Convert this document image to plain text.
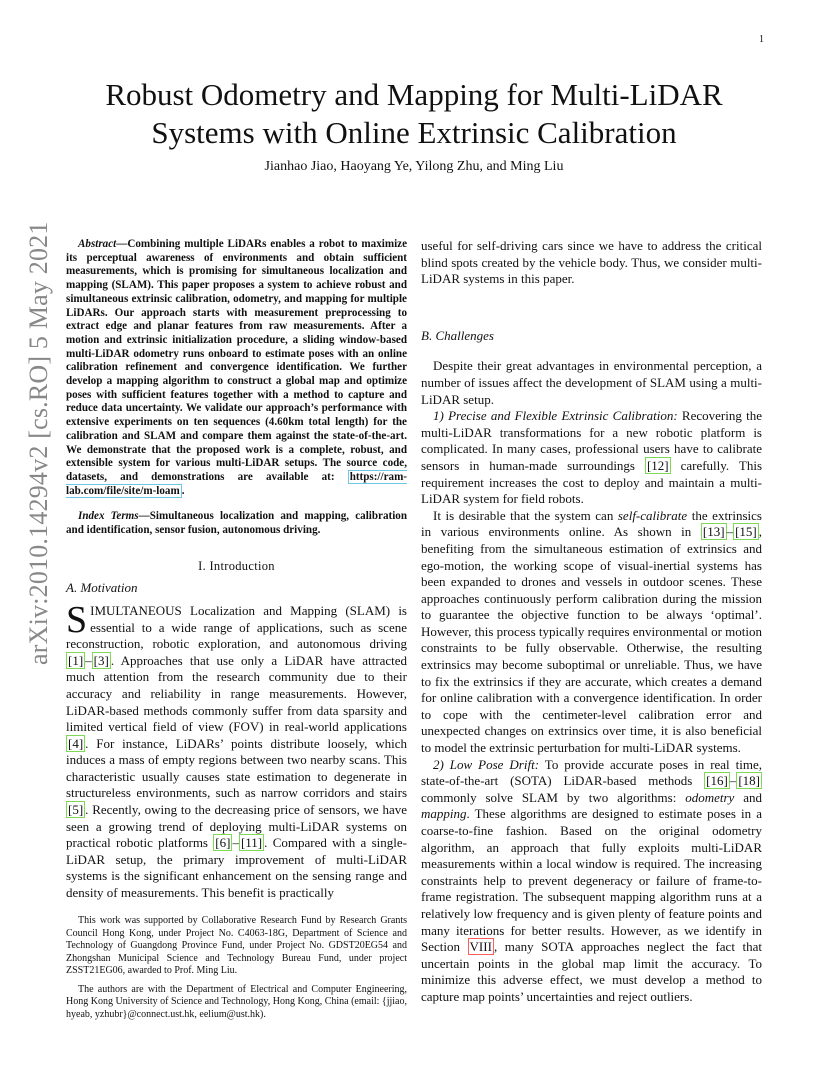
1
arXiv:2010.14294v2 [cs.RO] 5 May 2021
Robust Odometry and Mapping for Multi-LiDAR
Systems with Online Extrinsic Calibration
Jianhao Jiao, Haoyang Ye, Yilong Zhu, and Ming Liu

Abstract—Combining multiple LiDARs enables a robot to maximize its perceptual awareness of environments and obtain sufficient measurements, which is promising for simultaneous localization and mapping (SLAM). This paper proposes a system to achieve robust and simultaneous extrinsic calibration, odometry, and mapping for multiple LiDARs. Our approach starts with measurement preprocessing to extract edge and planar features from raw measurements. After a motion and extrinsic initialization procedure, a sliding window-based multi-LiDAR odometry runs onboard to estimate poses with an online calibration refinement and convergence identification. We further develop a mapping algorithm to construct a global map and optimize poses with sufficient features together with a method to capture and reduce data uncertainty. We validate our approach’s performance with extensive experiments on ten sequences (4.60km total length) for the calibration and SLAM and compare them against the state-of-the-art. We demonstrate that the proposed work is a complete, robust, and extensible system for various multi-LiDAR setups. The source code, datasets, and demonstrations are available at: https://ram-lab.com/file/site/m-loam .

Index Terms—Simultaneous localization and mapping, calibration and identification, sensor fusion, autonomous driving.

I. Introduction
A. Motivation

SIMULTANEOUS Localization and Mapping (SLAM) is essential to a wide range of applications, such as scene reconstruction, robotic exploration, and autonomous driving [1] – [3] . Approaches that use only a LiDAR have attracted much attention from the research community due to their accuracy and reliability in range measurements. However, LiDAR-based methods commonly suffer from data sparsity and limited vertical field of view (FOV) in real-world applications [4] . For instance, LiDARs’ points distribute loosely, which induces a mass of empty regions between two nearby scans. This characteristic usually causes state estimation to degenerate in structureless environments, such as narrow corridors and stairs [5] . Recently, owing to the decreasing price of sensors, we have seen a growing trend of deploying multi-LiDAR systems on practical robotic platforms [6] – [11] . Compared with a single-LiDAR setup, the primary improvement of multi-LiDAR systems is the significant enhancement on the sensing range and density of measurements. This benefit is practically

This work was supported by Collaborative Research Fund by Research Grants Council Hong Kong, under Project No. C4063-18G, Department of Science and Technology of Guangdong Province Fund, under Project No. GDST20EG54 and Zhongshan Municipal Science and Technology Bureau Fund, under project ZSST21EG06, awarded to Prof. Ming Liu.

The authors are with the Department of Electrical and Computer Engineering, Hong Kong University of Science and Technology, Hong Kong, China (email: {jjiao, hyeab, yzhubr}@connect.ust.hk, eelium@ust.hk).

useful for self-driving cars since we have to address the critical blind spots created by the vehicle body. Thus, we consider multi-LiDAR systems in this paper.

B. Challenges

Despite their great advantages in environmental perception, a number of issues affect the development of SLAM using a multi-LiDAR setup.

1) Precise and Flexible Extrinsic Calibration: Recovering the multi-LiDAR transformations for a new robotic platform is complicated. In many cases, professional users have to calibrate sensors in human-made surroundings [12] carefully. This requirement increases the cost to deploy and maintain a multi-LiDAR system for field robots.

It is desirable that the system can self-calibrate the extrinsics in various environments online. As shown in [13] – [15] , benefiting from the simultaneous estimation of extrinsics and ego-motion, the working scope of visual-inertial systems has been expanded to drones and vessels in outdoor scenes. These approaches continuously perform calibration during the mission to guarantee the objective function to be always ‘optimal’. However, this process typically requires environmental or motion constraints to be fully observable. Otherwise, the resulting extrinsics may become suboptimal or unreliable. Thus, we have to fix the extrinsics if they are accurate, which creates a demand for online calibration with a convergence identification. In order to cope with the centimeter-level calibration error and unexpected changes on extrinsics over time, it is also beneficial to model the extrinsic perturbation for multi-LiDAR systems.

2) Low Pose Drift: To provide accurate poses in real time, state-of-the-art (SOTA) LiDAR-based methods [16] – [18] commonly solve SLAM by two algorithms: odometry and mapping. These algorithms are designed to estimate poses in a coarse-to-fine fashion. Based on the original odometry algorithm, an approach that fully exploits multi-LiDAR measurements within a local window is required. The increasing constraints help to prevent degeneracy or failure of frame-to-frame registration. The subsequent mapping algorithm runs at a relatively low frequency and is given plenty of feature points and many iterations for better results. However, as we identify in Section VIII , many SOTA approaches neglect the fact that uncertain points in the global map limit the accuracy. To minimize this adverse effect, we must develop a method to capture map points’ uncertainties and reject outliers.
